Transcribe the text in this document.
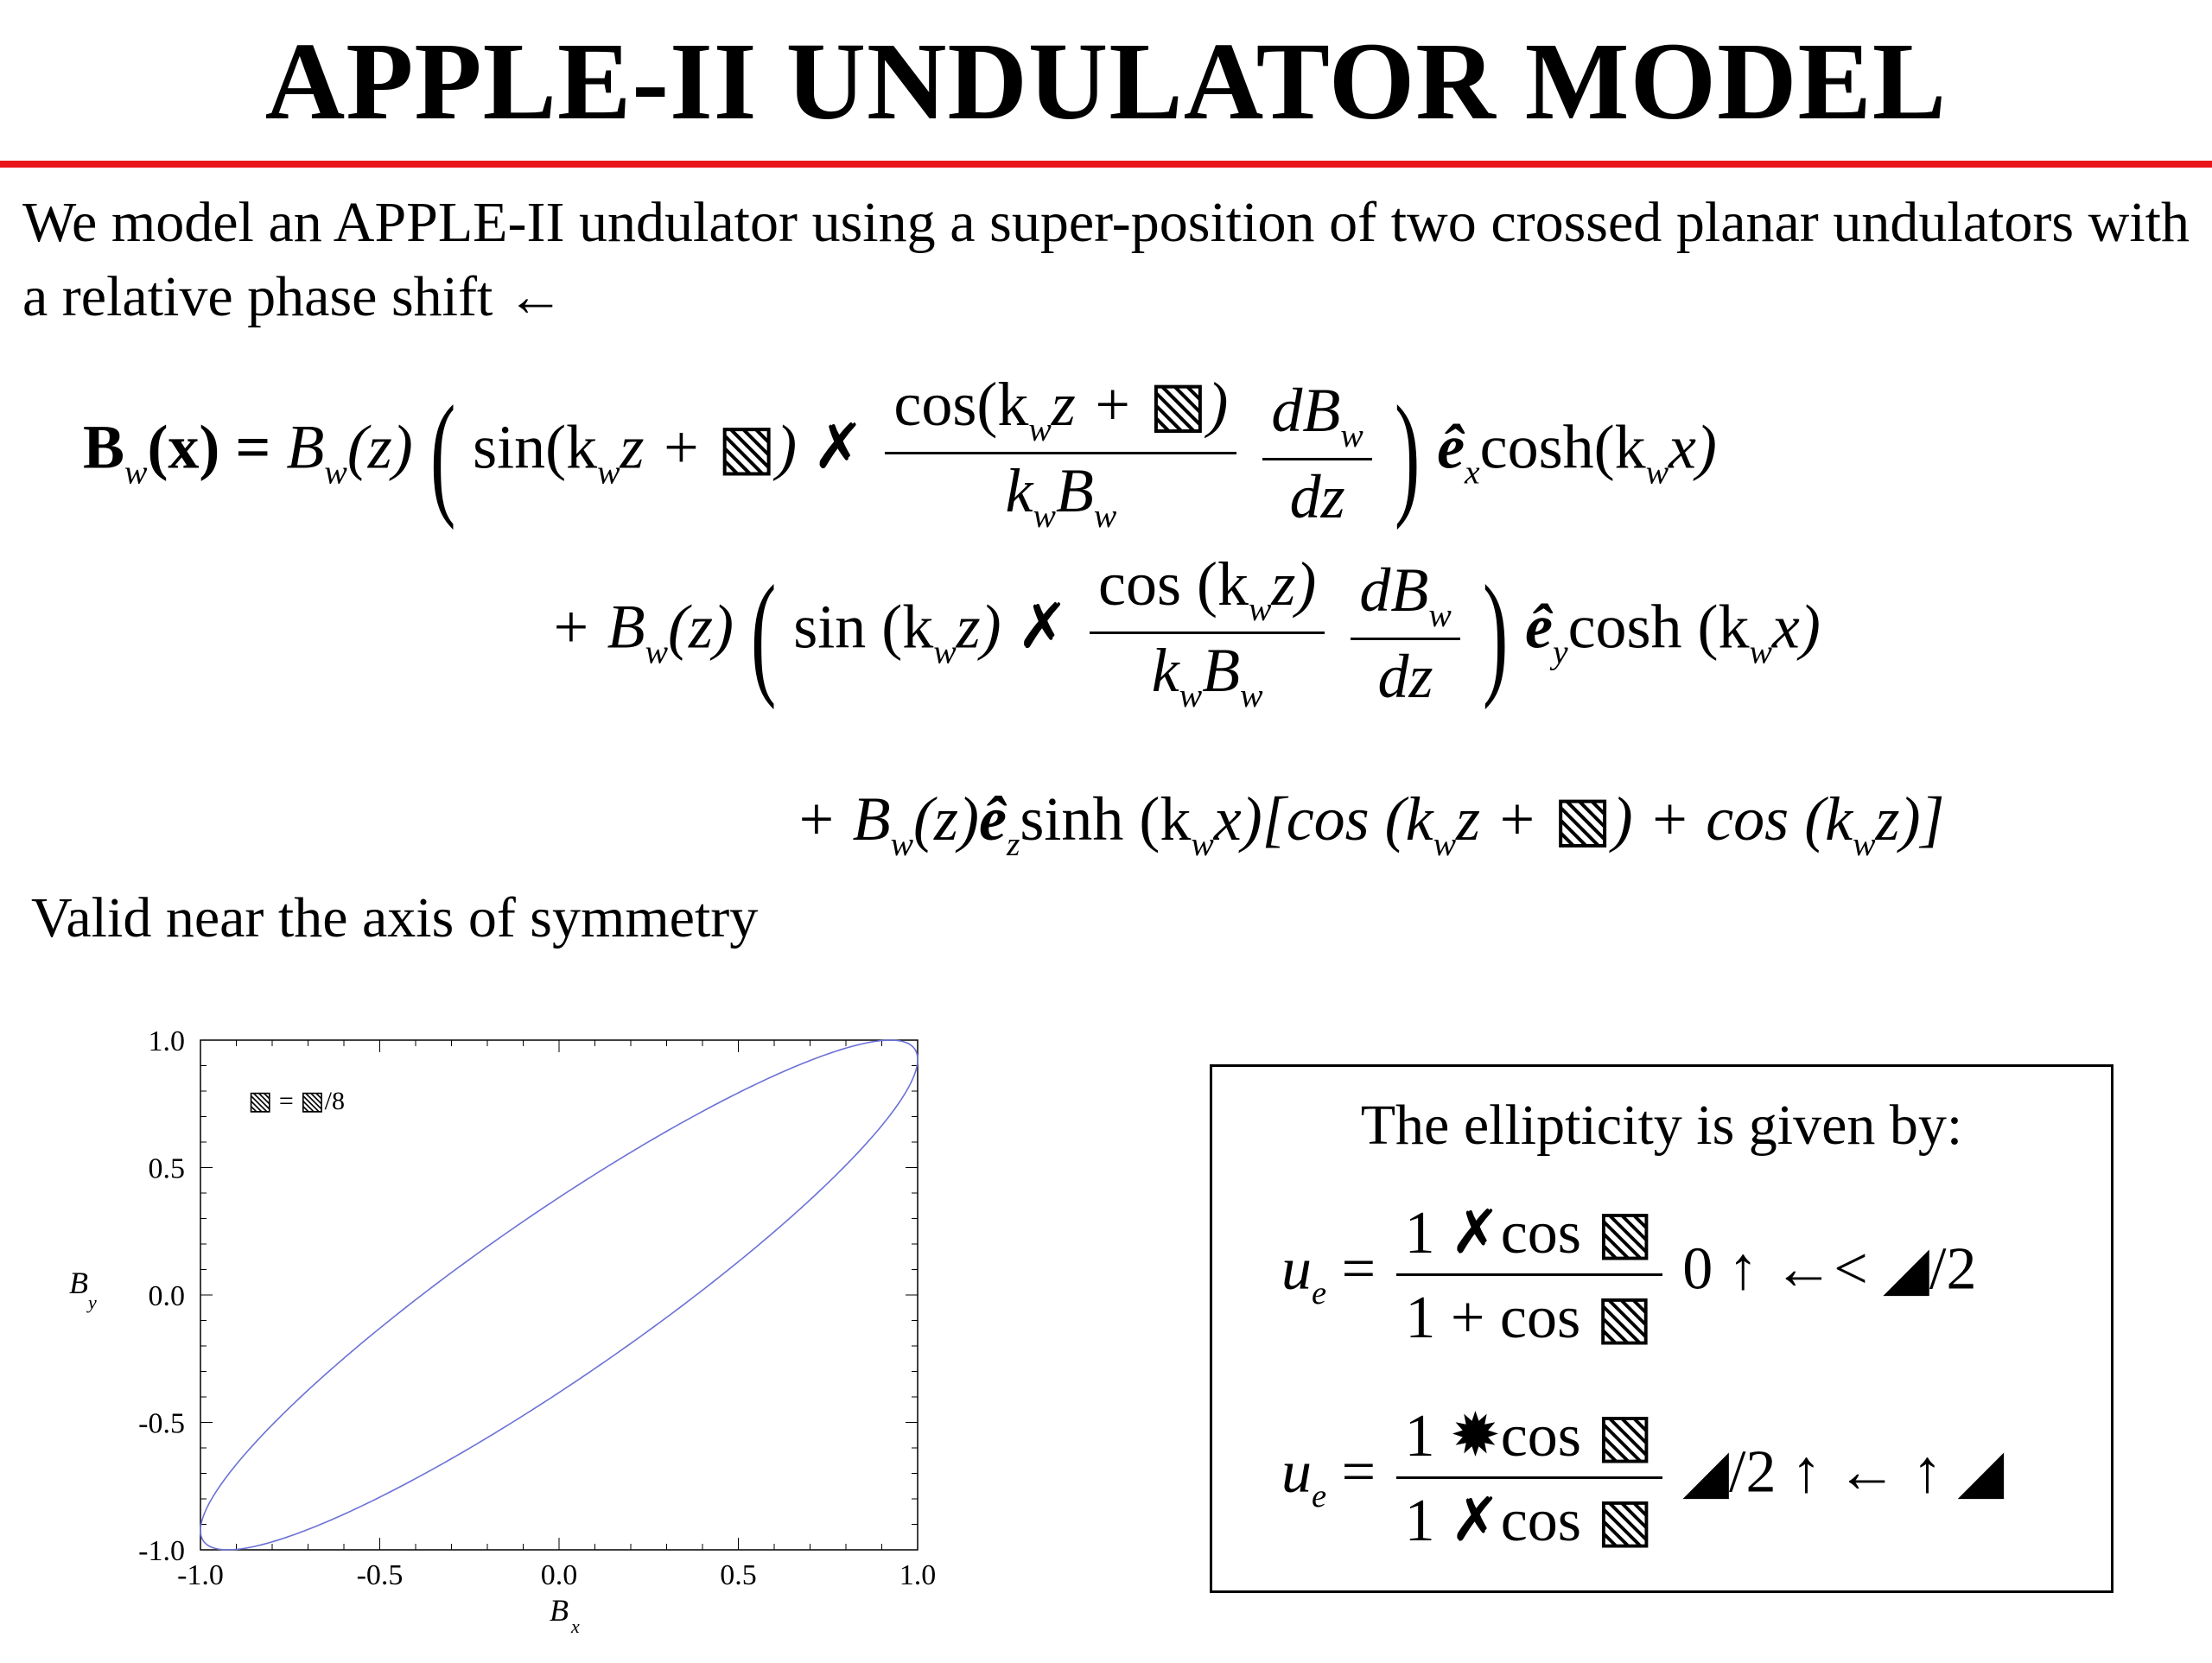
APPLE-II UNDULATOR MODEL
We model an APPLE-II undulator using a super-position of two crossed planar undulators with a relative phase shift ←
$B_w(x) = B_w(z)$ ( $\sin(k_wz$ + ▧) ✗ $\frac{\cos(k_wz + ▧)}{k_wB_w}$
$\frac{dB_w}{dz}$ ) $ê_x\cosh(k_wx)$
+ $B_w(z)$ ( $\sin (k_wz)$ ✗ $\frac{\cos (k_wz)}{k_wB_w}$
$\frac{dB_w}{dz}$ ) $ê_y\cosh$ $(k_wx)$
+ $B_w(z)ê_z\sinh$ $(k_wx)[\cos$ ($k_wz$ + ▧) + $\cos (k_wz)$]
Valid near the axis of symmetry
-1.0	-0.5	0.0	0.5	1.0
-1.0
-0.5
0.0
0.5
1.0
B x
B
y
▧ = ▧/8	The ellipticity is given by:
$u_e = \frac{1 ✗\cos ▧}{1 + \cos ▧} 0$ ↑ ←< ◢/2
$u_e = \frac{1 ✹\cos ▧}{1 ✗\cos ▧}$ ◢/2 ↑ ← ↑ ◢
